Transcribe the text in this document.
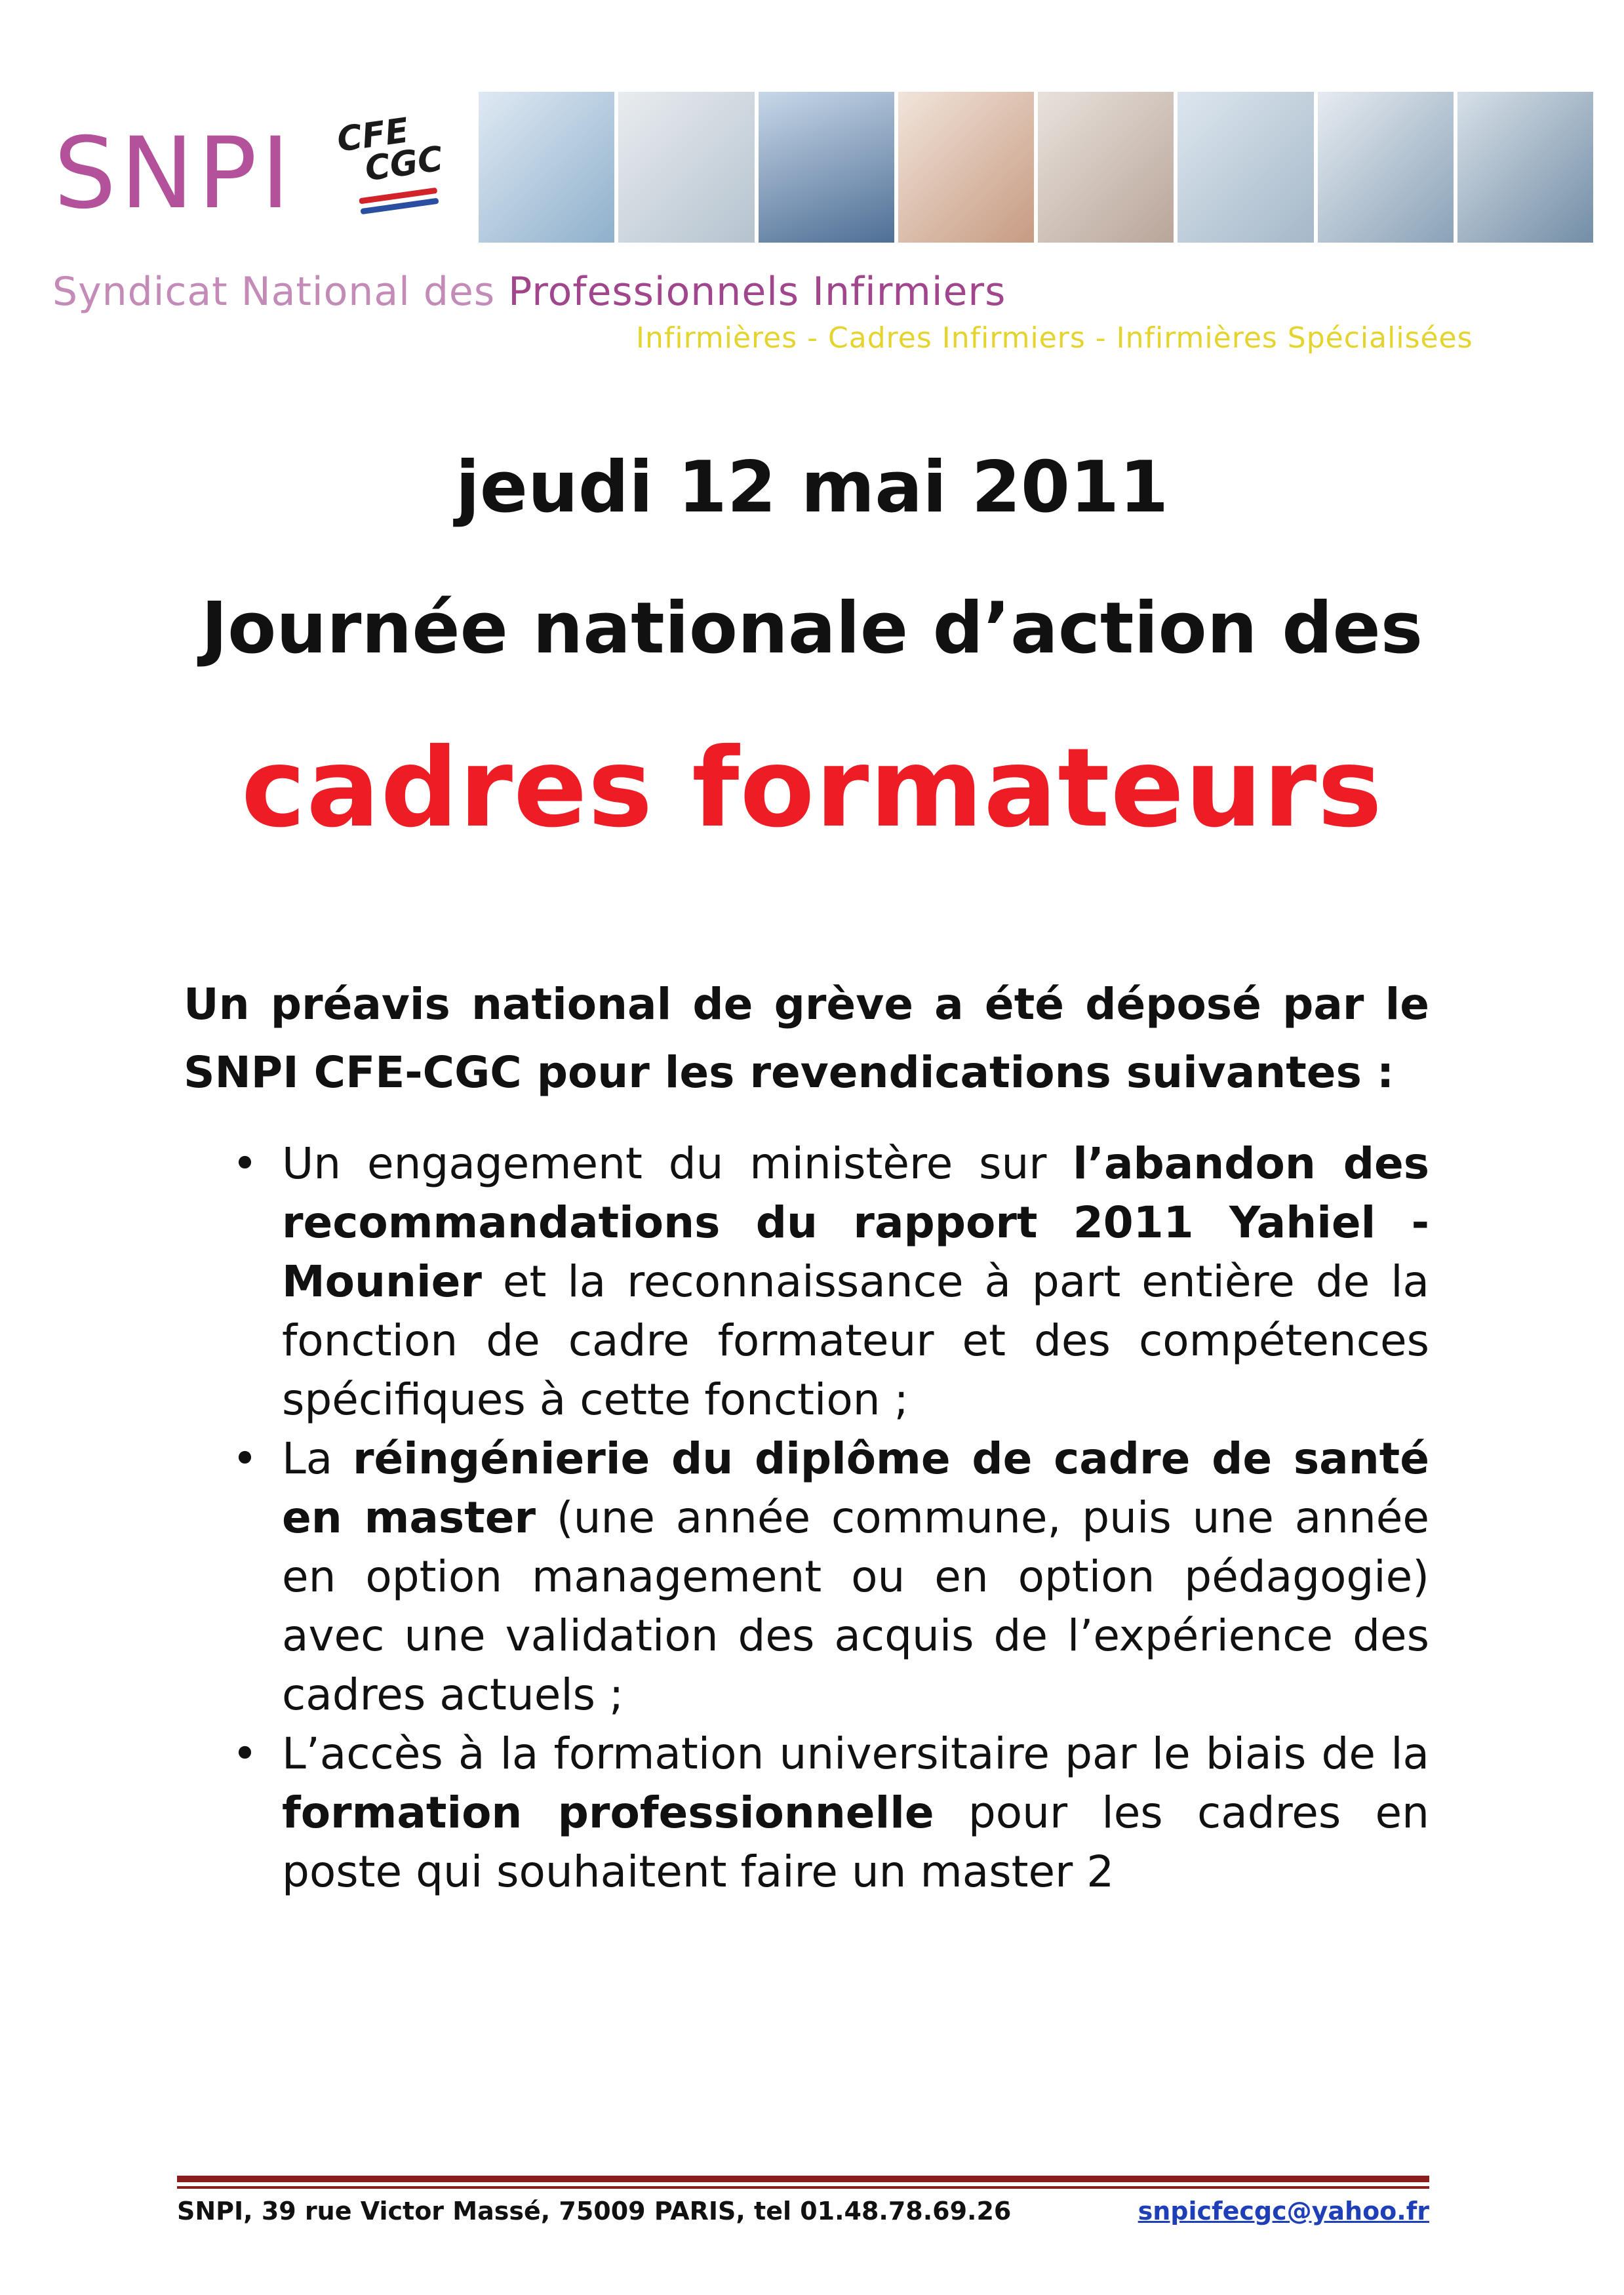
SNPI CFE
CGC
Syndicat National des Professionnels Infirmiers
Infirmières - Cadres Infirmiers - Infirmières Spécialisées
jeudi 12 mai 2011
Journée nationale d’action des
cadres formateurs
Un préavis national de grève a été déposé par le SNPI CFE-CGC pour les revendications suivantes :
• Un engagement du ministère sur l’abandon des recommandations du rapport 2011 Yahiel - Mounier et la reconnaissance à part entière de la fonction de cadre formateur et des compétences spécifiques à cette fonction ;
• La réingénierie du diplôme de cadre de santé en master (une année commune, puis une année en option management ou en option pédagogie) avec une validation des acquis de l’expérience des cadres actuels ;
• L’accès à la formation universitaire par le biais de la formation professionnelle pour les cadres en poste qui souhaitent faire un master 2
SNPI, 39 rue Victor Massé, 75009 PARIS, tel 01.48.78.69.26	snpicfecgc@yahoo.fr
